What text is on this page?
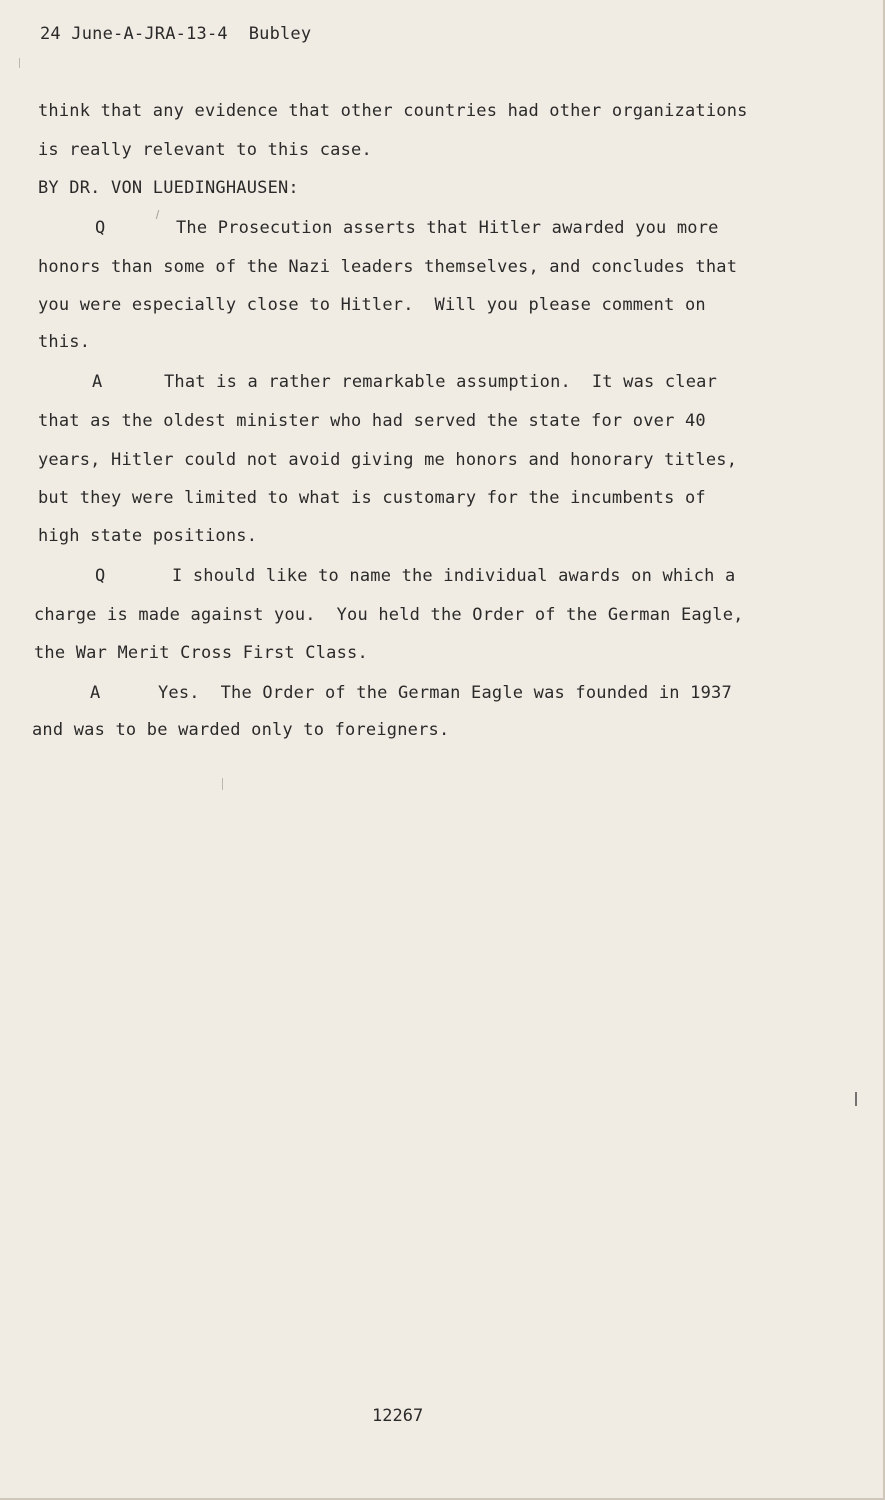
24 June-A-JRA-13-4  Bubley
think that any evidence that other countries had other organizations
is really relevant to this case.
BY DR. VON LUEDINGHAUSEN:
Q	The Prosecution asserts that Hitler awarded you more
honors than some of the Nazi leaders themselves, and concludes that
you were especially close to Hitler.  Will you please comment on
this.
A	That is a rather remarkable assumption.  It was clear
that as the oldest minister who had served the state for over 40
years, Hitler could not avoid giving me honors and honorary titles,
but they were limited to what is customary for the incumbents of
high state positions.
Q	I should like to name the individual awards on which a
charge is made against you.  You held the Order of the German Eagle,
the War Merit Cross First Class.
A	Yes.  The Order of the German Eagle was founded in 1937
and was to be warded only to foreigners.
12267
